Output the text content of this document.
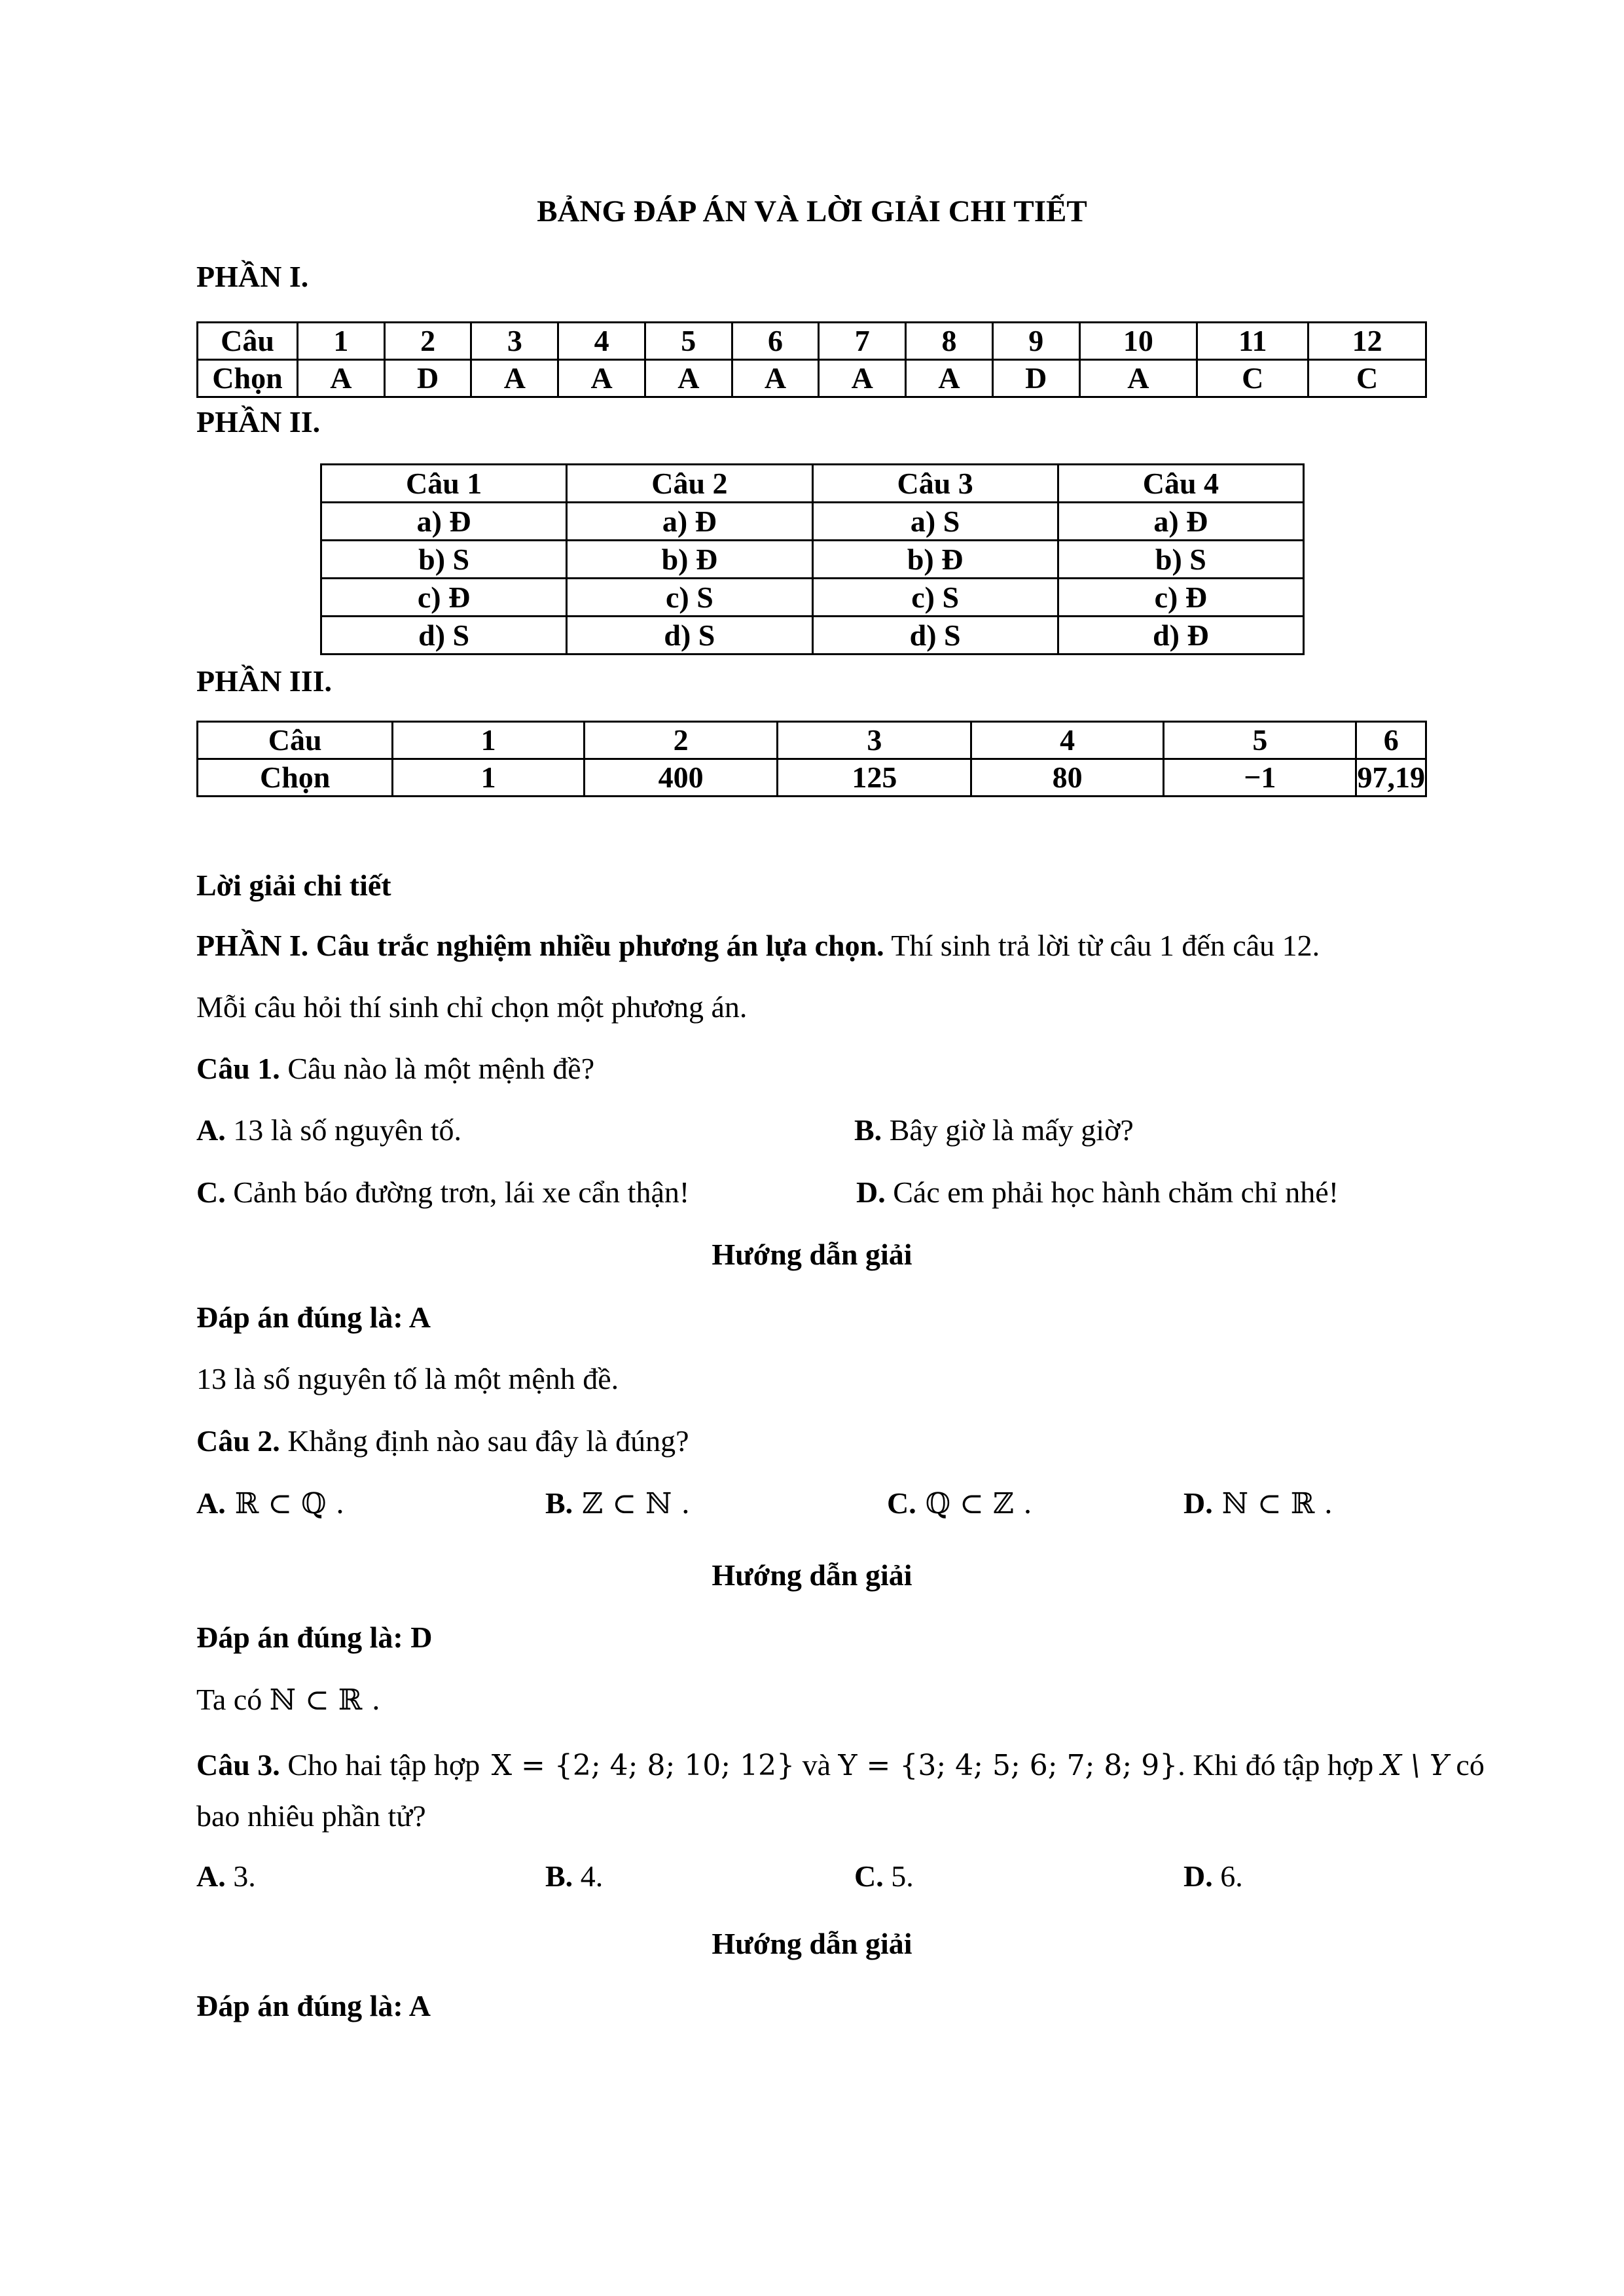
BẢNG ĐÁP ÁN VÀ LỜI GIẢI CHI TIẾT
PHẦN I.
Câu	1	2	3	4	5	6	7	8	9	10	11	12
Chọn	A	D	A	A	A	A	A	A	D	A	C	C
PHẦN II.
Câu 1	Câu 2	Câu 3	Câu 4
a) Đ	a) Đ	a) S	a) Đ
b) S	b) Đ	b) Đ	b) S
c) Đ	c) S	c) S	c) Đ
d) S	d) S	d) S	d) Đ
PHẦN III.
Câu	1	2	3	4	5	6
Chọn	1	400	125	80	−1	97,19
Lời giải chi tiết
PHẦN I. Câu trắc nghiệm nhiều phương án lựa chọn. Thí sinh trả lời từ câu 1 đến câu 12.
Mỗi câu hỏi thí sinh chỉ chọn một phương án.
Câu 1. Câu nào là một mệnh đề?
A. 13 là số nguyên tố.	B. Bây giờ là mấy giờ?
C. Cảnh báo đường trơn, lái xe cẩn thận!	D. Các em phải học hành chăm chỉ nhé!
Hướng dẫn giải
Đáp án đúng là: A
13 là số nguyên tố là một mệnh đề.
Câu 2. Khẳng định nào sau đây là đúng?
A. ℝ ⊂ ℚ .	B. ℤ ⊂ ℕ .	C. ℚ ⊂ ℤ .	D. ℕ ⊂ ℝ .
Hướng dẫn giải
Đáp án đúng là: D
Ta có ℕ ⊂ ℝ .
Câu 3. Cho hai tập hợp X = {2; 4; 8; 10; 12} và Y = {3; 4; 5; 6; 7; 8; 9}. Khi đó tập hợp X \ Y có
bao nhiêu phần tử?
A. 3.	B. 4.	C. 5.	D. 6.
Hướng dẫn giải
Đáp án đúng là: A
